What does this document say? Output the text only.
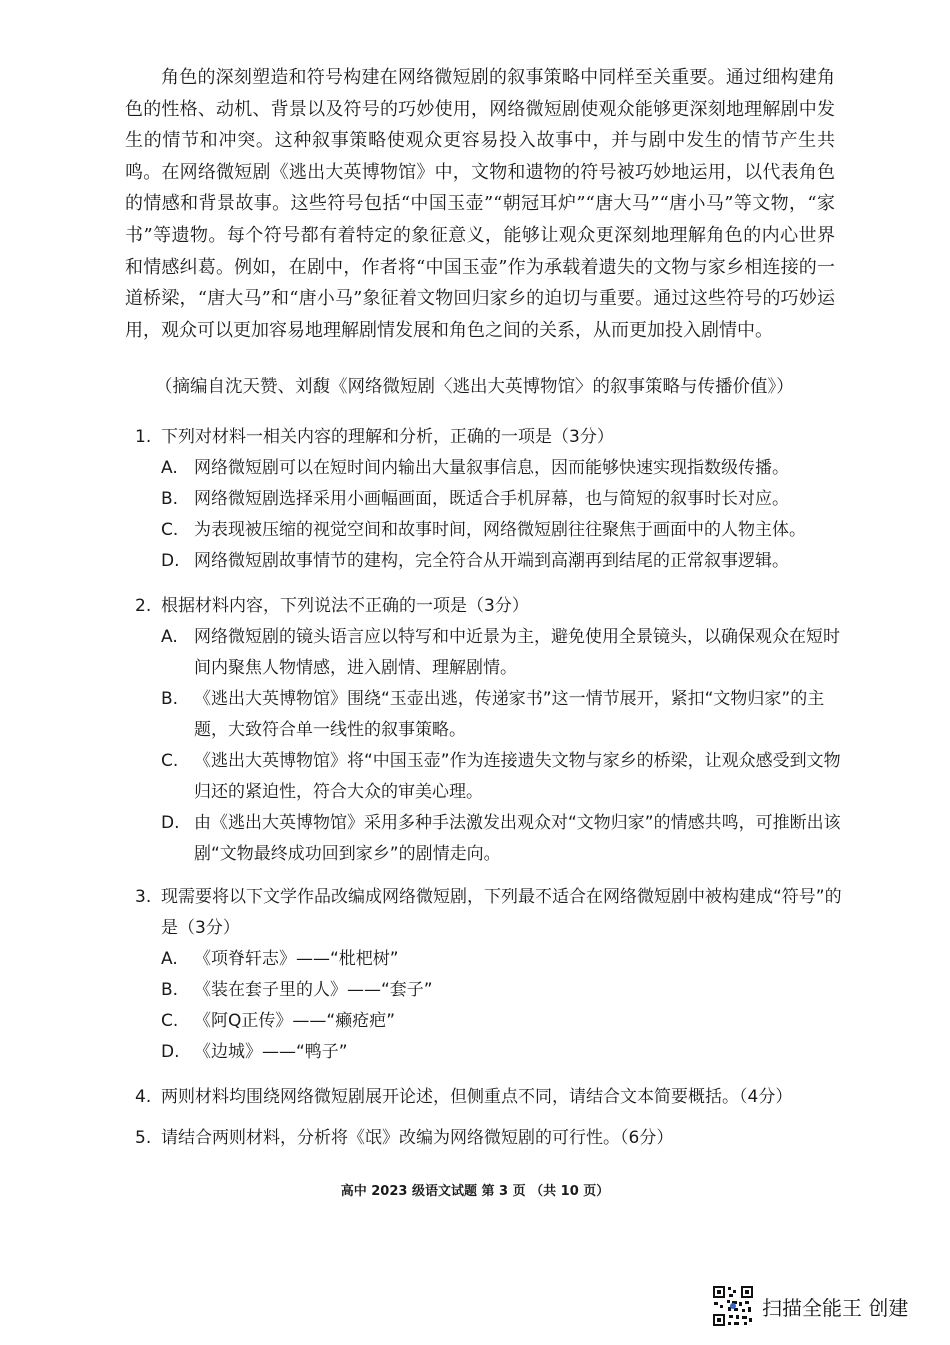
角色的深刻塑造和符号构建在网络微短剧的叙事策略中同样至关重要。通过细构建角色的性格、动机、背景以及符号的巧妙使用，网络微短剧使观众能够更深刻地理解剧中发生的情节和冲突。这种叙事策略使观众更容易投入故事中，并与剧中发生的情节产生共鸣。在网络微短剧《逃出大英博物馆》中，文物和遗物的符号被巧妙地运用，以代表角色的情感和背景故事。这些符号包括“中国玉壶”“朝冠耳炉”“唐大马”“唐小马”等文物，“家书”等遗物。每个符号都有着特定的象征意义，能够让观众更深刻地理解角色的内心世界和情感纠葛。例如，在剧中，作者将“中国玉壶”作为承载着遗失的文物与家乡相连接的一道桥梁，“唐大马”和“唐小马”象征着文物回归家乡的迫切与重要。通过这些符号的巧妙运用，观众可以更加容易地理解剧情发展和角色之间的关系，从而更加投入剧情中。

（摘编自沈天赞、刘馥《网络微短剧〈逃出大英博物馆〉的叙事策略与传播价值》）
1. 下列对材料一相关内容的理解和分析，正确的一项是（3分）
A. 网络微短剧可以在短时间内输出大量叙事信息，因而能够快速实现指数级传播。
B. 网络微短剧选择采用小画幅画面，既适合手机屏幕，也与简短的叙事时长对应。
C. 为表现被压缩的视觉空间和故事时间，网络微短剧往往聚焦于画面中的人物主体。
D. 网络微短剧故事情节的建构，完全符合从开端到高潮再到结尾的正常叙事逻辑。
2. 根据材料内容，下列说法不正确的一项是（3分）
A. 网络微短剧的镜头语言应以特写和中近景为主，避免使用全景镜头，以确保观众在短时间内聚焦人物情感，进入剧情、理解剧情。
B. 《逃出大英博物馆》围绕“玉壶出逃，传递家书”这一情节展开，紧扣“文物归家”的主题，大致符合单一线性的叙事策略。
C. 《逃出大英博物馆》将“中国玉壶”作为连接遗失文物与家乡的桥梁，让观众感受到文物归还的紧迫性，符合大众的审美心理。
D. 由《逃出大英博物馆》采用多种手法激发出观众对“文物归家”的情感共鸣，可推断出该剧“文物最终成功回到家乡”的剧情走向。
3. 现需要将以下文学作品改编成网络微短剧，下列最不适合在网络微短剧中被构建成“符号”的是（3分）
A. 《项脊轩志》——“枇杷树”
B. 《装在套子里的人》——“套子”
C. 《阿Q正传》——“癞疮疤”
D. 《边城》——“鸭子”
4. 两则材料均围绕网络微短剧展开论述，但侧重点不同，请结合文本简要概括。（4分）
5. 请结合两则材料，分析将《氓》改编为网络微短剧的可行性。（6分）
高中 2023 级语文试题 第 3 页 （共 10 页）
扫描全能王 创建
